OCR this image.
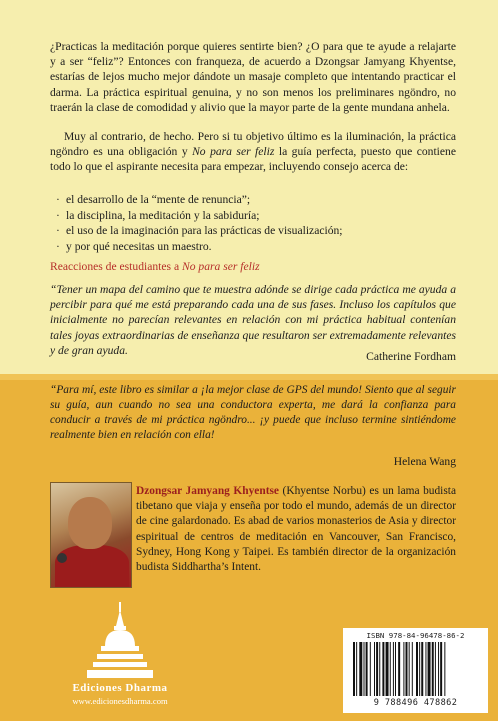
¿Practicas la meditación porque quieres sentirte bien? ¿O para que te ayude a relajarte y a ser “feliz”? Entonces con franqueza, de acuerdo a Dzongsar Jamyang Khyentse, estarías de lejos mucho mejor dándote un masaje completo que intentando practicar el darma. La práctica espiritual genuina, y no son menos los preliminares ngöndro, no traerán la clase de comodidad y alivio que la mayor parte de la gente mundana anhela.

Muy al contrario, de hecho. Pero si tu objetivo último es la iluminación, la práctica ngöndro es una obligación y No para ser feliz la guía perfecta, puesto que contiene todo lo que el aspirante necesita para empezar, incluyendo consejo acerca de:

· el desarrollo de la “mente de renuncia”;
· la disciplina, la meditación y la sabiduría;
· el uso de la imaginación para las prácticas de visualización;
· y por qué necesitas un maestro.

Reacciones de estudiantes a No para ser feliz

“Tener un mapa del camino que te muestra adónde se dirige cada práctica me ayuda a percibir para qué me está preparando cada una de sus fases. Incluso los capítulos que inicialmente no parecían relevantes en relación con mi práctica habitual contenían tales joyas extraordinarias de enseñanza que resultaron ser extremadamente relevantes y de gran ayuda.	Catherine Fordham

“Para mí, este libro es similar a ¡la mejor clase de GPS del mundo! Siento que al seguir su guía, aun cuando no sea una conductora experta, me dará la confianza para conducir a través de mi práctica ngöndro... ¡y puede que incluso termine sintiéndome realmente bien en relación con ella!

Helena Wang

Dzongsar Jamyang Khyentse (Khyentse Norbu) es un lama budista tibetano que viaja y enseña por todo el mundo, además de un director de cine galardonado. Es abad de varios monasterios de Asia y director espiritual de centros de meditación en Vancouver, San Francisco, Sydney, Hong Kong y Taipei. Es también director de la organización budista Siddhartha’s Intent.

Ediciones Dharma

www.edicionesdharma.com

ISBN 978-84-96478-86-2

9 788496 478862
